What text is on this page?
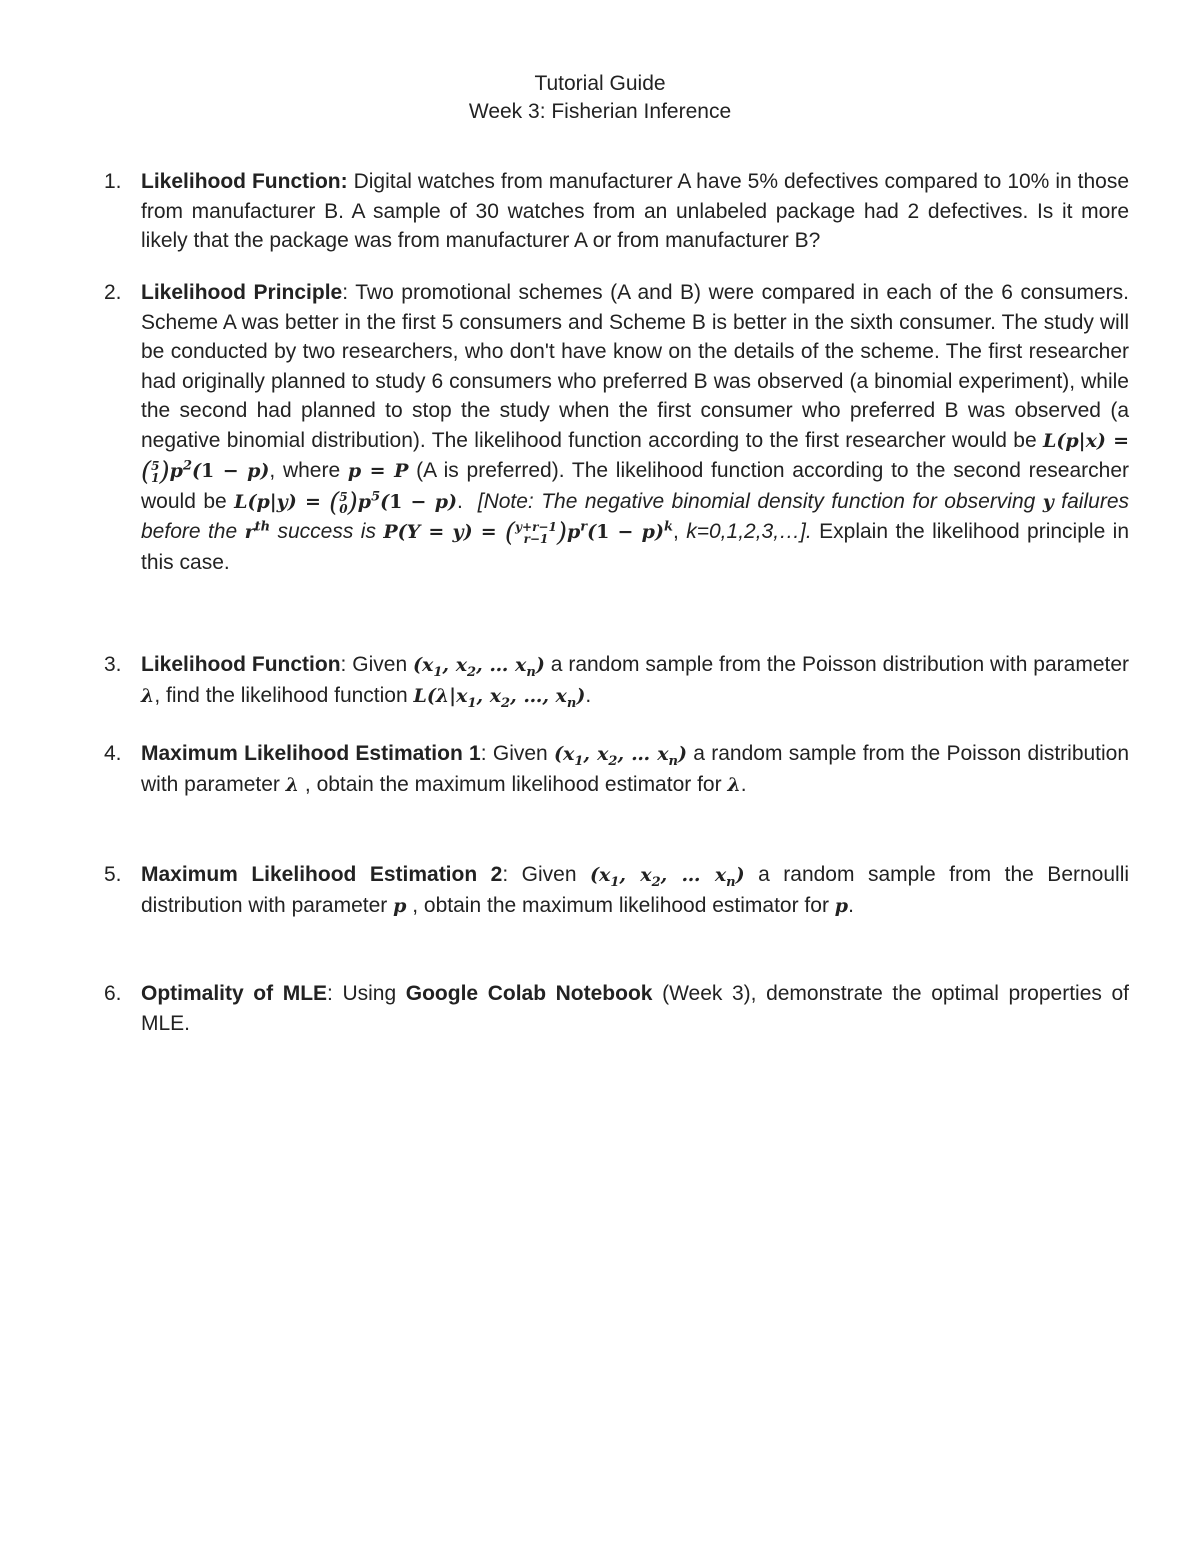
Tutorial Guide
Week 3: Fisherian Inference
1. Likelihood Function: Digital watches from manufacturer A have 5% defectives compared to 10% in those from manufacturer B. A sample of 30 watches from an unlabeled package had 2 defectives. Is it more likely that the package was from manufacturer A or from manufacturer B?
2. Likelihood Principle: Two promotional schemes (A and B) were compared in each of the 6 consumers. Scheme A was better in the first 5 consumers and Scheme B is better in the sixth consumer. The study will be conducted by two researchers, who don't have know on the details of the scheme. The first researcher had originally planned to study 6 consumers who preferred B was observed (a binomial experiment), while the second had planned to stop the study when the first consumer who preferred B was observed (a negative binomial distribution). The likelihood function according to the first researcher would be L(p|x) = ( 5
1 )$p^2(1 - p)$, where p = P (A is preferred). The likelihood function according to the second researcher would be L(p|y) = ( 5
0 )$p^5(1 - p)$.  [Note: The negative binomial density function for observing y failures before the $r^{th}$ success is P(Y = y) = ( y+r−1
r−1 )$p^r(1 - p)^k$, k=0,1,2,3,…]. Explain the likelihood principle in this case.
3. Likelihood Function: Given ($x_1$, $x_2$, … $x_n$) a random sample from the Poisson distribution with parameter λ, find the likelihood function $L(\lambda|x_1$, $x_2$, …, $x_n$).
4. Maximum Likelihood Estimation 1: Given ($x_1$, $x_2$, … $x_n$) a random sample from the Poisson distribution with parameter λ , obtain the maximum likelihood estimator for λ.
5. Maximum Likelihood Estimation 2: Given ($x_1$, $x_2$, … $x_n$) a random sample from the Bernoulli distribution with parameter p , obtain the maximum likelihood estimator for p.
6. Optimality of MLE: Using Google Colab Notebook (Week 3), demonstrate the optimal properties of MLE.
